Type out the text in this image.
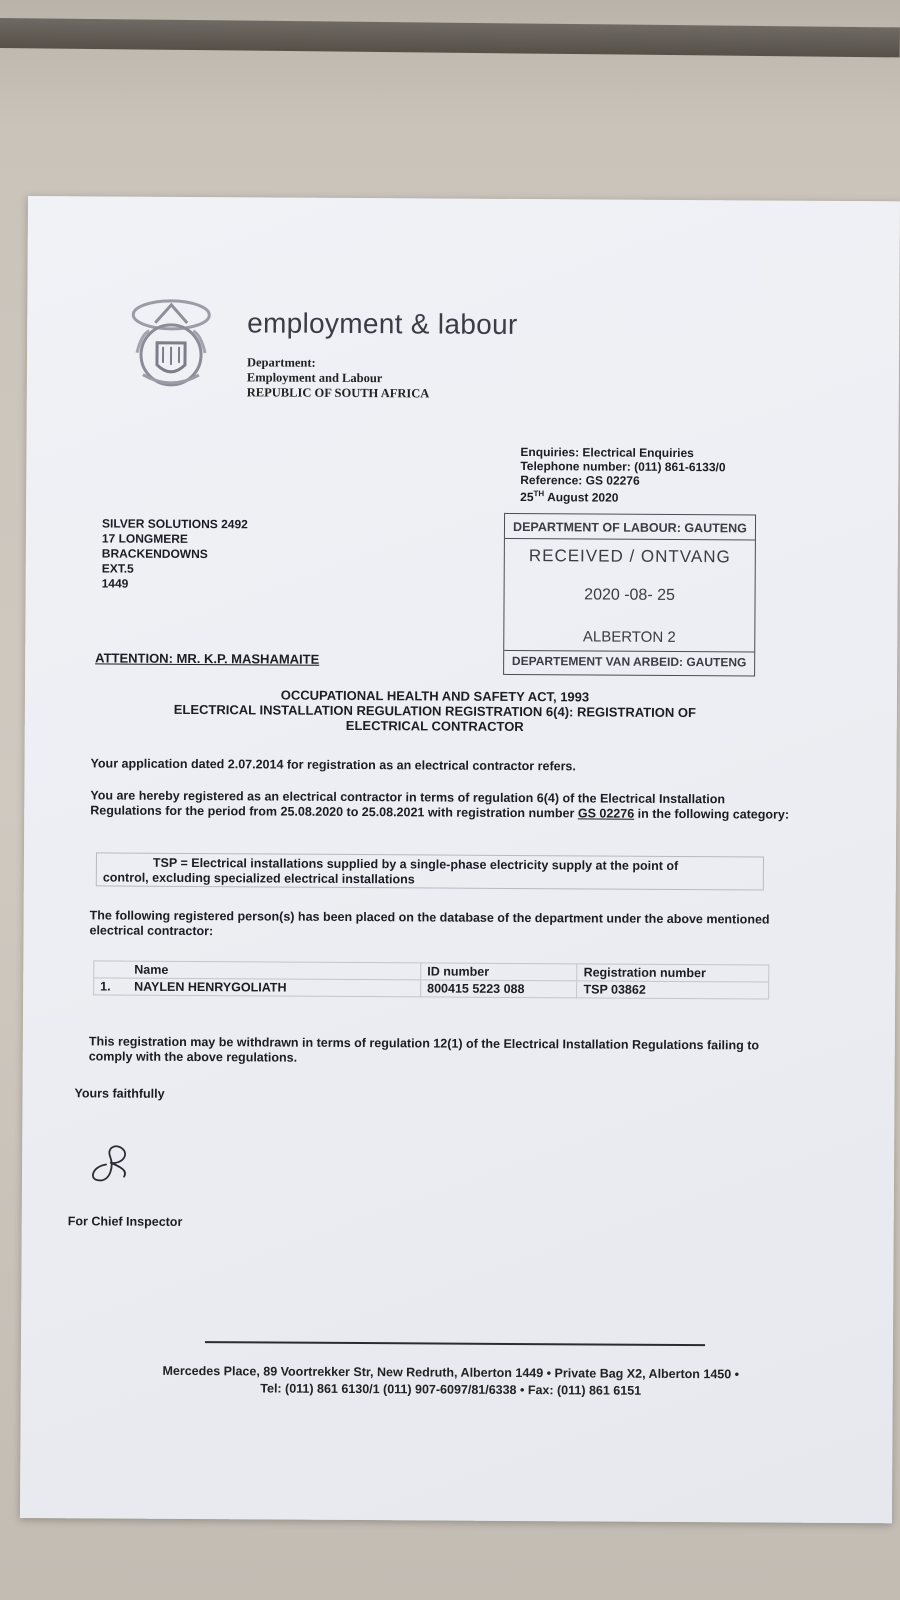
employment & labour
Department:
Employment and Labour
REPUBLIC OF SOUTH AFRICA
Enquiries: Electrical Enquiries
Telephone number: (011) 861-6133/0
Reference: GS 02276
25TH August 2020
SILVER SOLUTIONS 2492
17 LONGMERE
BRACKENDOWNS
EXT.5
1449
DEPARTMENT OF LABOUR: GAUTENG
RECEIVED / ONTVANG
2020 -08- 25
ALBERTON 2
DEPARTEMENT VAN ARBEID: GAUTENG
ATTENTION: MR. K.P. MASHAMAITE
OCCUPATIONAL HEALTH AND SAFETY ACT, 1993
ELECTRICAL INSTALLATION REGULATION REGISTRATION 6(4): REGISTRATION OF
ELECTRICAL CONTRACTOR
Your application dated 2.07.2014 for registration as an electrical contractor refers.
You are hereby registered as an electrical contractor in terms of regulation 6(4) of the Electrical Installation Regulations for the period from 25.08.2020 to 25.08.2021 with registration number GS 02276 in the following category:
TSP = Electrical installations supplied by a single-phase electricity supply at the point of
control, excluding specialized electrical installations
The following registered person(s) has been placed on the database of the department under the above mentioned electrical contractor:
	Name	ID number	Registration number
1.	NAYLEN HENRYGOLIATH	800415 5223 088	TSP 03862
This registration may be withdrawn in terms of regulation 12(1) of the Electrical Installation Regulations failing to comply with the above regulations.
Yours faithfully
For Chief Inspector
Mercedes Place, 89 Voortrekker Str, New Redruth, Alberton 1449 • Private Bag X2, Alberton 1450 •
Tel: (011) 861 6130/1 (011) 907-6097/81/6338 • Fax: (011) 861 6151
